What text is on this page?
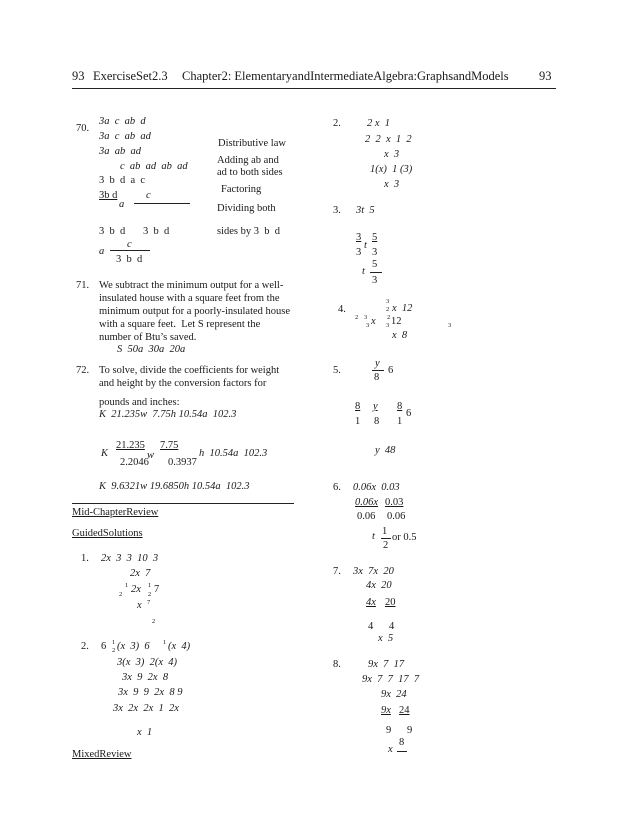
93 ExerciseSet2.3 Chapter2: ElementaryandIntermediateAlgebra:GraphsandModels 93
70.
3a  c  ab  d
3a  c  ab  ad
3a  ab  ad
c  ab  ad  ab  ad
3  b  d  a  c
3b d	c
a
3  b  d 3  b  d
c
a
3  b  d
Distributive law
Adding ab and
ad to both sides
Factoring
Dividing both
sides by 3  b  d
71. We subtract the minimum output for a well-
insulated house with a square feet from the
minimum output for a poorly-insulated house
with a square feet.  Let S represent the
number of Btu’s saved.
S  50a  30a  20a
72. To solve, divide the coefficients for weight
and height by the conversion factors for
pounds and inches:
K  21.235w  7.75h 10.54a  102.3
21.235 7.75
K	w	h  10.54a  102.3
2.2046 0.3937
K  9.6321w 19.6850h 10.54a  102.3
Mid-ChapterReview
GuidedSolutions
1. 2x  3  3  10  3
2x  7
1 2x 1 7
2	2
x 7
2
2. 6 1 (x  3)  6 1 (x  4)
2
3(x  3)  2(x  4)
3x  9  2x  8
3x  9  9  2x  8 9
3x  2x  2x  1  2x
x  1
MixedReview
2. 2 x  1
2  2  x  1  2
x  3
1(x)  1 (3)
x  3
3. 3t  5
3 5
t
3 3
5
t
3
4.
3
x  12
2
2 3 x 2 12
3	3	3
x  8
5.
y
6
8
8 y 8
6
1 8 1
y  48
6. 0.06x  0.03
0.06x 0.03
0.06 0.06
1
t or 0.5
2
7. 3x  7x  20
4x  20
4x 20
4 4
x  5
8.	9x  7  17
9x  7  7  17  7
9x  24
9x 24
9 9
8
x
